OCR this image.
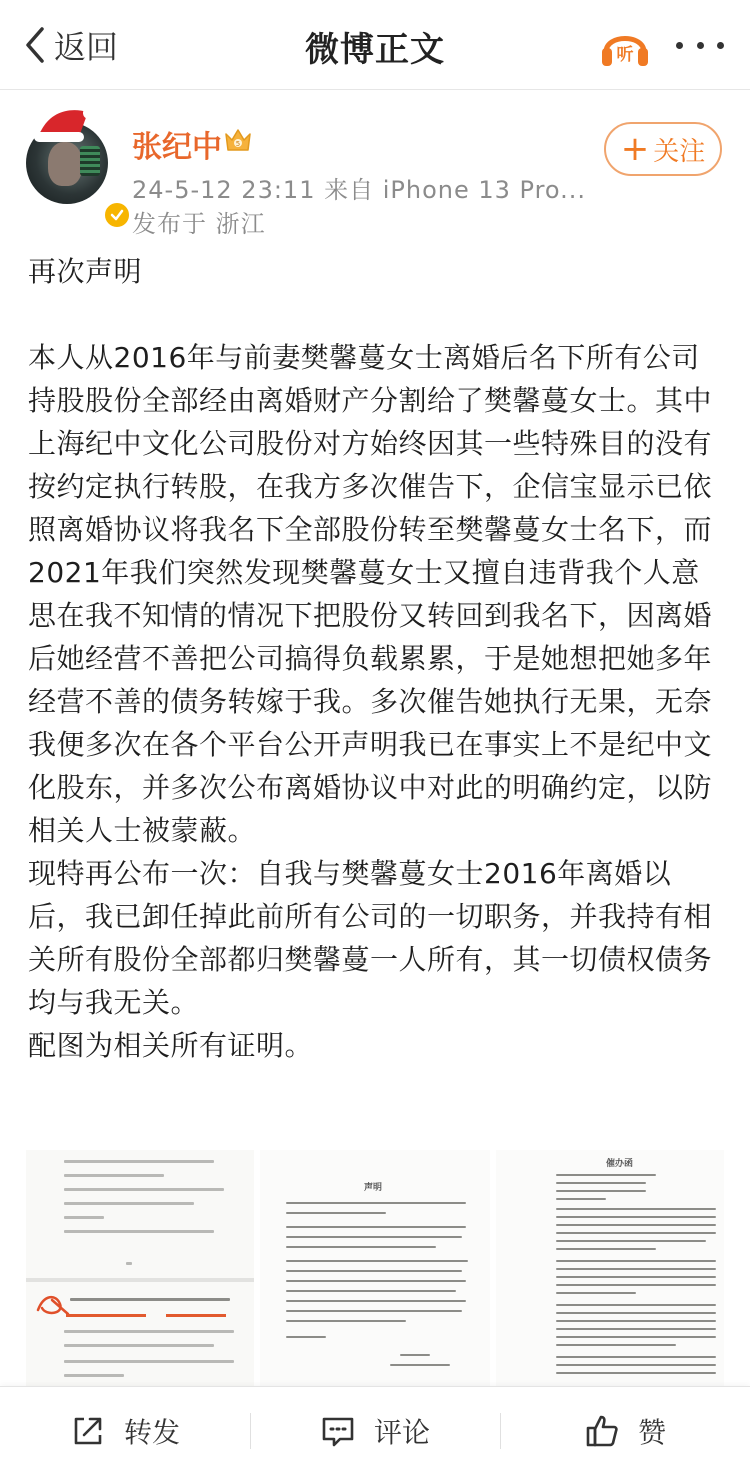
返回	微博正文	听
张纪中 5
24-5-12 23:11 来自 iPhone 13 Pro...
发布于 浙江
+ 关注

再次声明

本人从2016年与前妻樊馨蔓女士离婚后名下所有公司持股股份全部经由离婚财产分割给了樊馨蔓女士。其中上海纪中文化公司股份对方始终因其一些特殊目的没有按约定执行转股，在我方多次催告下，企信宝显示已依照离婚协议将我名下全部股份转至樊馨蔓女士名下，而2021年我们突然发现樊馨蔓女士又擅自违背我个人意思在我不知情的情况下把股份又转回到我名下，因离婚后她经营不善把公司搞得负载累累，于是她想把她多年经营不善的债务转嫁于我。多次催告她执行无果，无奈我便多次在各个平台公开声明我已在事实上不是纪中文化股东，并多次公布离婚协议中对此的明确约定，以防相关人士被蒙蔽。

现特再公布一次：自我与樊馨蔓女士2016年离婚以后，我已卸任掉此前所有公司的一切职务，并我持有相关所有股份全部都归樊馨蔓一人所有，其一切债权债务均与我无关。

配图为相关所有证明。

声明
催办函
转发	评论	赞
